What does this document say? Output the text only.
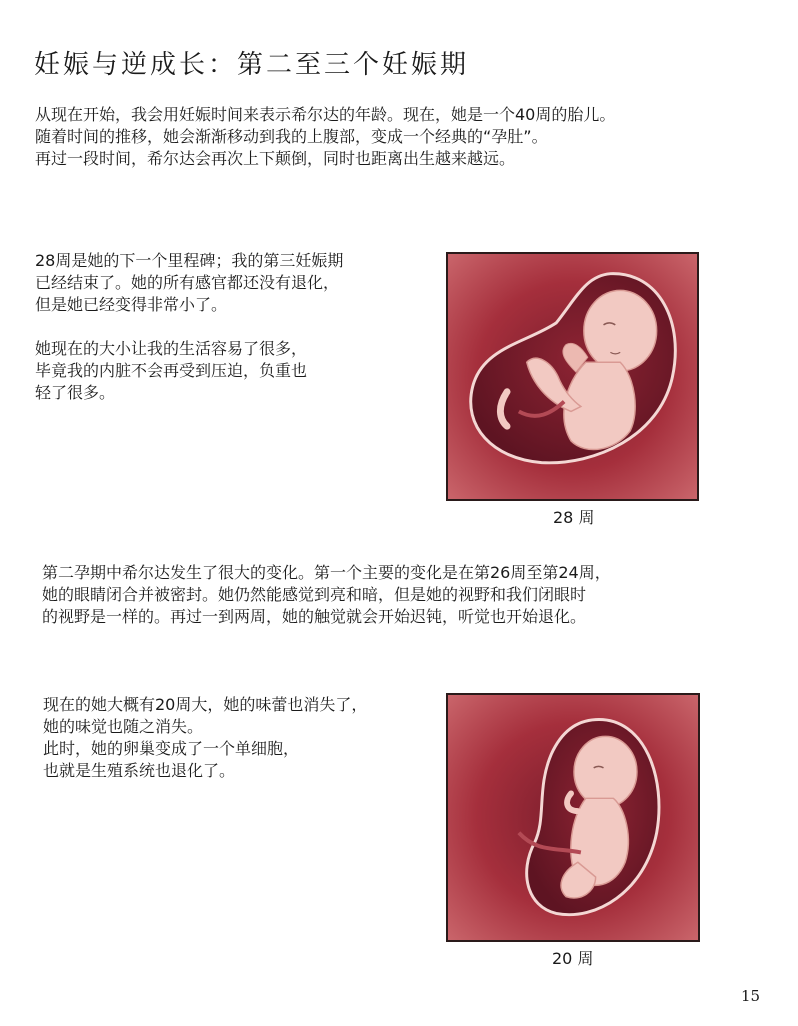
妊娠与逆成长：第二至三个妊娠期
从现在开始，我会用妊娠时间来表示希尔达的年龄。现在，她是一个40周的胎儿。
随着时间的推移，她会渐渐移动到我的上腹部，变成一个经典的“孕肚”。
再过一段时间，希尔达会再次上下颠倒，同时也距离出生越来越远。
28周是她的下一个里程碑；我的第三妊娠期
已经结束了。她的所有感官都还没有退化，
但是她已经变得非常小了。
她现在的大小让我的生活容易了很多，
毕竟我的内脏不会再受到压迫，负重也
轻了很多。
28 周
第二孕期中希尔达发生了很大的变化。第一个主要的变化是在第26周至第24周，
她的眼睛闭合并被密封。她仍然能感觉到亮和暗，但是她的视野和我们闭眼时
的视野是一样的。再过一到两周，她的触觉就会开始迟钝，听觉也开始退化。
现在的她大概有20周大，她的味蕾也消失了，
她的味觉也随之消失。
此时，她的卵巢变成了一个单细胞，
也就是生殖系统也退化了。
20 周
15
